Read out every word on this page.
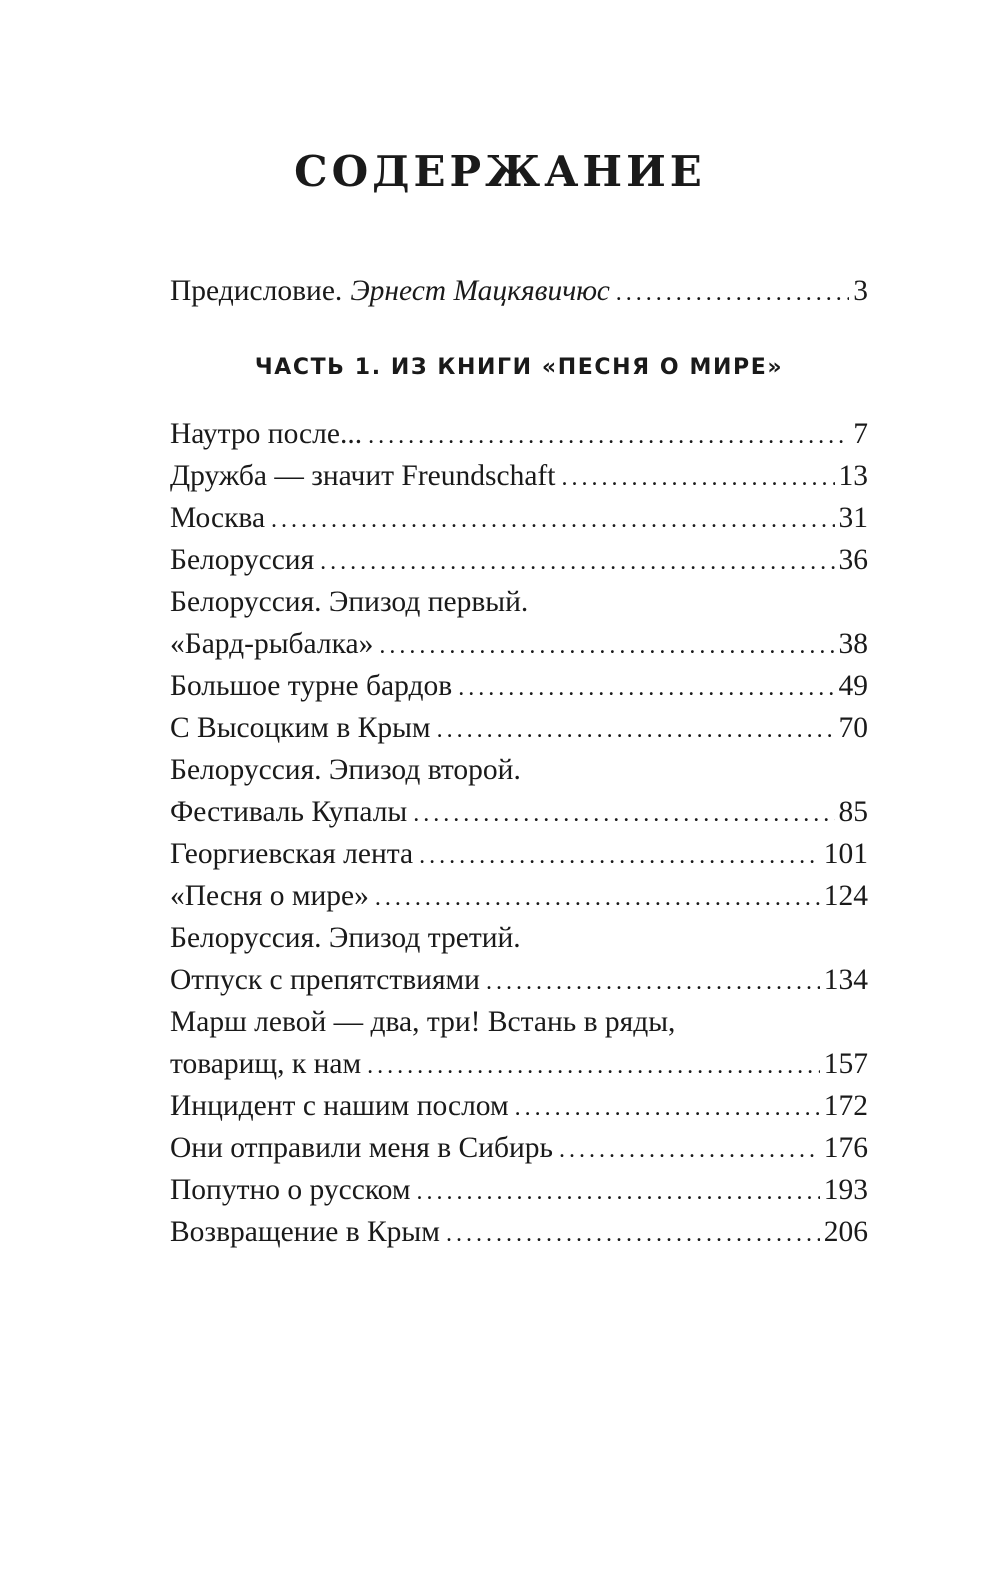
СОДЕРЖАНИЕ
Предисловие. Эрнест Мацкявичюс . . .	3
ЧАСТЬ 1. ИЗ КНИГИ «ПЕСНЯ О МИРЕ»
Наутро после... . . .	7
Дружба — значит Freundschaft . . .	13
Москва . . .	31
Белоруссия . . .	36
Белоруссия. Эпизод первый.
«Бард-рыбалка» . . .	38
Большое турне бардов . . .	49
С Высоцким в Крым . . .	70
Белоруссия. Эпизод второй.
Фестиваль Купалы . . .	85
Георгиевская лента . . .	101
«Песня о мире» . . .	124
Белоруссия. Эпизод третий.
Отпуск с препятствиями . . .	134
Марш левой — два, три! Встань в ряды,
товарищ, к нам . . .	157
Инцидент с нашим послом . . .	172
Они отправили меня в Сибирь . . .	176
Попутно о русском . . .	193
Возвращение в Крым . . .	206
